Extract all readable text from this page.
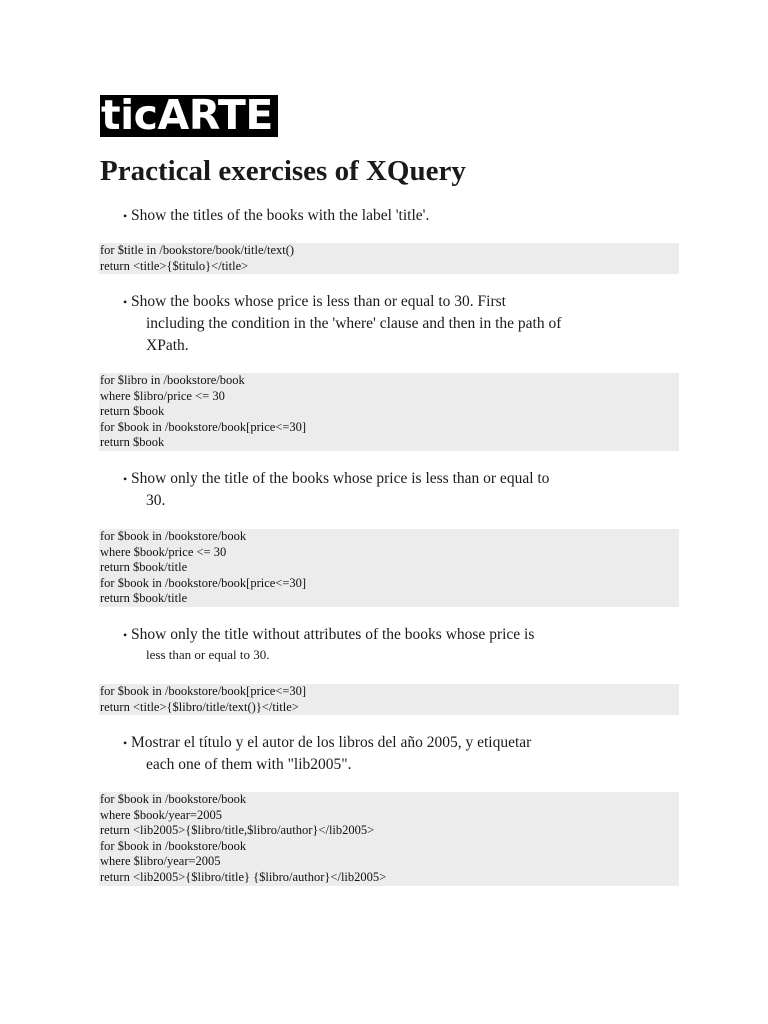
ticARTE
Practical exercises of XQuery
• Show the titles of the books with the label 'title'.
for $title in /bookstore/book/title/text()
return <title>{$titulo}</title>
• Show the books whose price is less than or equal to 30. First
including the condition in the 'where' clause and then in the path of
XPath.
for $libro in /bookstore/book
where $libro/price <= 30
return $book
for $book in /bookstore/book[price<=30]
return $book
• Show only the title of the books whose price is less than or equal to
30.
for $book in /bookstore/book
where $book/price <= 30
return $book/title
for $book in /bookstore/book[price<=30]
return $book/title
• Show only the title without attributes of the books whose price is
less than or equal to 30.
for $book in /bookstore/book[price<=30]
return <title>{$libro/title/text()}</title>
• Mostrar el título y el autor de los libros del año 2005, y etiquetar
each one of them with "lib2005".
for $book in /bookstore/book
where $book/year=2005
return <lib2005>{$libro/title,$libro/author}</lib2005>
for $book in /bookstore/book
where $libro/year=2005
return <lib2005>{$libro/title} {$libro/author}</lib2005>
